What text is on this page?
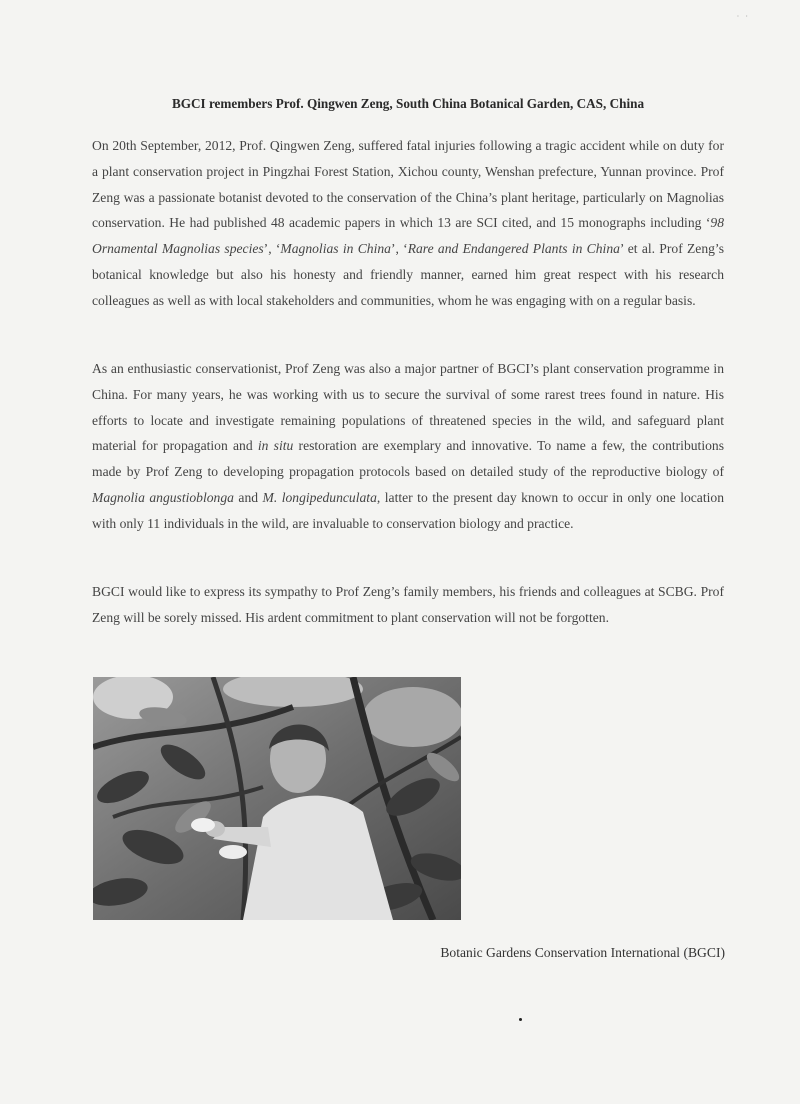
· ·
BGCI remembers Prof. Qingwen Zeng, South China Botanical Garden, CAS, China
On 20th September, 2012, Prof. Qingwen Zeng, suffered fatal injuries following a tragic accident while on duty for a plant conservation project in Pingzhai Forest Station, Xichou county, Wenshan prefecture, Yunnan province. Prof Zeng was a passionate botanist devoted to the conservation of the China’s plant heritage, particularly on Magnolias conservation. He had published 48 academic papers in which 13 are SCI cited, and 15 monographs including ‘98 Ornamental Magnolias species’, ‘Magnolias in China’, ‘Rare and Endangered Plants in China’ et al. Prof Zeng’s botanical knowledge but also his honesty and friendly manner, earned him great respect with his research colleagues as well as with local stakeholders and communities, whom he was engaging with on a regular basis.
As an enthusiastic conservationist, Prof Zeng was also a major partner of BGCI’s plant conservation programme in China. For many years, he was working with us to secure the survival of some rarest trees found in nature. His efforts to locate and investigate remaining populations of threatened species in the wild, and safeguard plant material for propagation and in situ restoration are exemplary and innovative. To name a few, the contributions made by Prof Zeng to developing propagation protocols based on detailed study of the reproductive biology of Magnolia angustioblonga and M. longipedunculata, latter to the present day known to occur in only one location with only 11 individuals in the wild, are invaluable to conservation biology and practice.
BGCI would like to express its sympathy to Prof Zeng’s family members, his friends and colleagues at SCBG. Prof Zeng will be sorely missed. His ardent commitment to plant conservation will not be forgotten.
Botanic Gardens Conservation International (BGCI)
